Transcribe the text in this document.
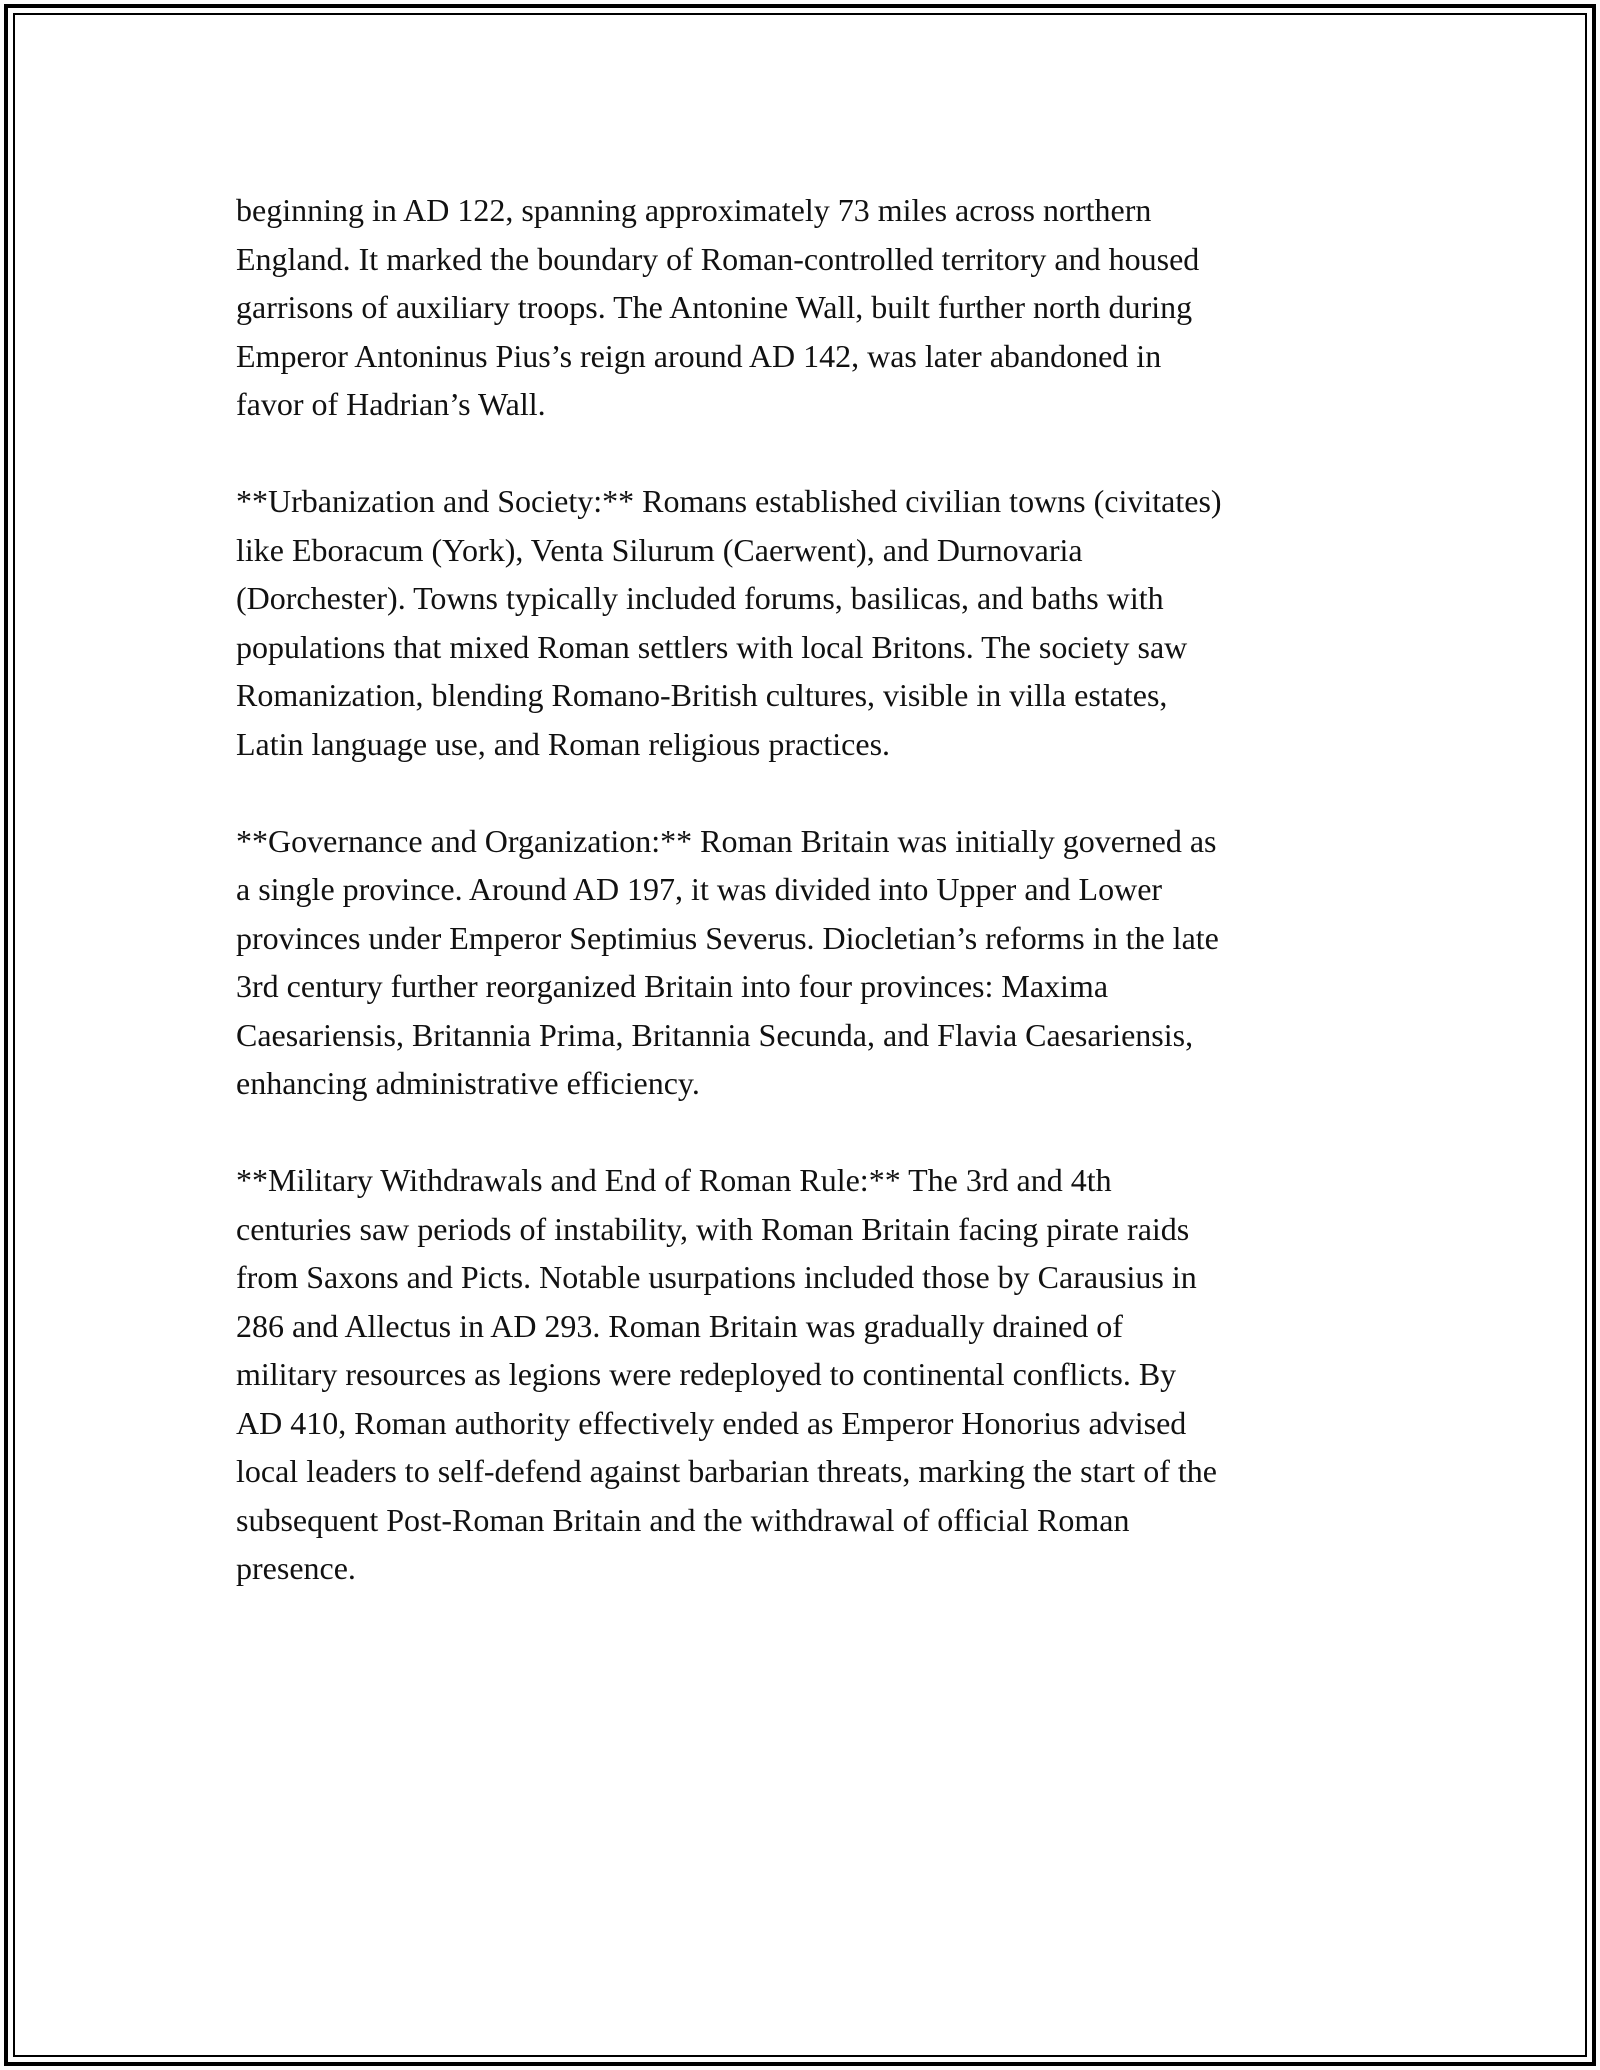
beginning in AD 122, spanning approximately 73 miles across northern
England. It marked the boundary of Roman-controlled territory and housed
garrisons of auxiliary troops. The Antonine Wall, built further north during
Emperor Antoninus Pius’s reign around AD 142, was later abandoned in
favor of Hadrian’s Wall.

**Urbanization and Society:** Romans established civilian towns (civitates)
like Eboracum (York), Venta Silurum (Caerwent), and Durnovaria
(Dorchester). Towns typically included forums, basilicas, and baths with
populations that mixed Roman settlers with local Britons. The society saw
Romanization, blending Romano-British cultures, visible in villa estates,
Latin language use, and Roman religious practices.

**Governance and Organization:** Roman Britain was initially governed as
a single province. Around AD 197, it was divided into Upper and Lower
provinces under Emperor Septimius Severus. Diocletian’s reforms in the late
3rd century further reorganized Britain into four provinces: Maxima
Caesariensis, Britannia Prima, Britannia Secunda, and Flavia Caesariensis,
enhancing administrative efficiency.

**Military Withdrawals and End of Roman Rule:** The 3rd and 4th
centuries saw periods of instability, with Roman Britain facing pirate raids
from Saxons and Picts. Notable usurpations included those by Carausius in
286 and Allectus in AD 293. Roman Britain was gradually drained of
military resources as legions were redeployed to continental conflicts. By
AD 410, Roman authority effectively ended as Emperor Honorius advised
local leaders to self-defend against barbarian threats, marking the start of the
subsequent Post-Roman Britain and the withdrawal of official Roman
presence.
